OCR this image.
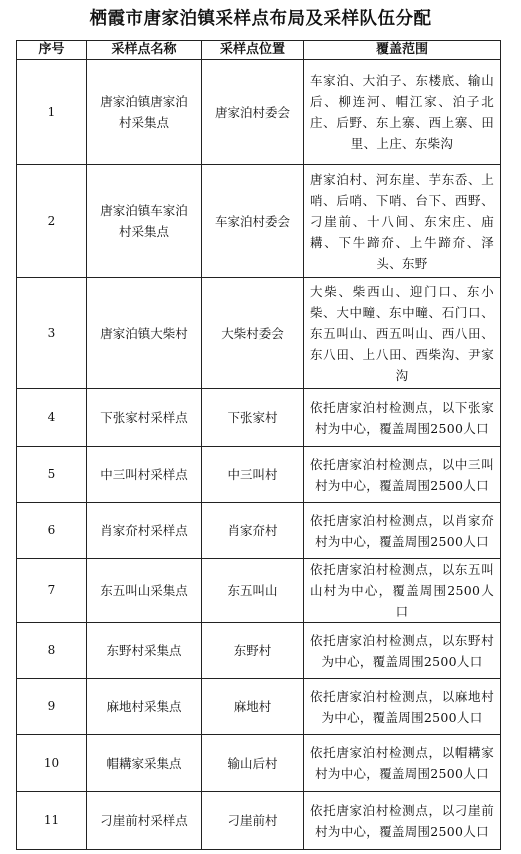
栖霞市唐家泊镇采样点布局及采样队伍分配
序号	采样点名称	采样点位置	覆盖范围
1	唐家泊镇唐家泊村采集点	唐家泊村委会	车家泊、大泊子、东楼底、输山后、柳连河、帽江家、泊子北庄、后野、东上寨、西上寨、田里、上庄、东柴沟
2	唐家泊镇车家泊村采集点	车家泊村委会	唐家泊村、河东崖、芋东岙、上哨、后哨、下哨、台下、西野、刁崖前、十八间、东宋庄、庙耩、下牛蹄夼、上牛蹄夼、泽头、东野
3	唐家泊镇大柴村	大柴村委会	大柴、柴西山、迎门口、东小柴、大中疃、东中疃、石门口、东五叫山、西五叫山、西八田、东八田、上八田、西柴沟、尹家沟
4	下张家村采样点	下张家村	依托唐家泊村检测点，以下张家村为中心，覆盖周围2500人口
5	中三叫村采样点	中三叫村	依托唐家泊村检测点，以中三叫村为中心，覆盖周围2500人口
6	肖家夼村采样点	肖家夼村	依托唐家泊村检测点，以肖家夼村为中心，覆盖周围2500人口
7	东五叫山采集点	东五叫山	依托唐家泊村检测点，以东五叫山村为中心，覆盖周围2500人口
8	东野村采集点	东野村	依托唐家泊村检测点，以东野村为中心，覆盖周围2500人口
9	麻地村采集点	麻地村	依托唐家泊村检测点，以麻地村为中心，覆盖周围2500人口
10	帽耩家采集点	输山后村	依托唐家泊村检测点，以帽耩家村为中心，覆盖周围2500人口
11	刁崖前村采样点	刁崖前村	依托唐家泊村检测点，以刁崖前村为中心，覆盖周围2500人口
